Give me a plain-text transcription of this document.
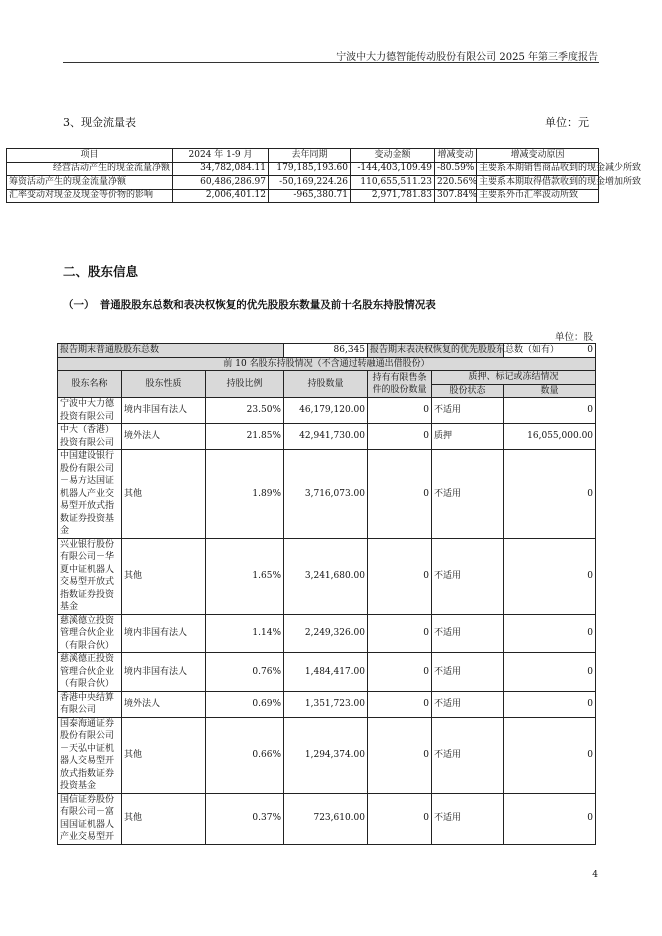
宁波中大力德智能传动股份有限公司 2025 年第三季度报告
3、现金流量表	单位：元
项目	2024 年 1-9 月	去年同期	变动金额	增减变动	增减变动原因
经营活动产生的现金流量净额	34,782,084.11	179,185,193.60	-144,403,109.49	-80.59%	主要系本期销售商品收到的现金减少所致
筹资活动产生的现金流量净额	60,486,286.97	-50,169,224.26	110,655,511.23	220.56%	主要系本期取得借款收到的现金增加所致
汇率变动对现金及现金等价物的影响	2,006,401.12	-965,380.71	2,971,781.83	307.84%	主要系外币汇率波动所致
二、股东信息
（一）　普通股股东总数和表决权恢复的优先股股东数量及前十名股东持股情况表
单位：股
报告期末普通股股东总数			86,345	报告期末表决权恢复的优先股股东总数（如有）		0
前 10 名股东持股情况（不含通过转融通出借股份）						
股东名称	股东性质	持股比例	持股数量	持有有限售条件的股份数量	质押、标记或冻结情况	
					股份状态	数量
宁波中大力德投资有限公司	境内非国有法人	23.50%	46,179,120.00	0	不适用	0
中大（香港）投资有限公司	境外法人	21.85%	42,941,730.00	0	质押	16,055,000.00
中国建设银行股份有限公司－易方达国证机器人产业交易型开放式指数证券投资基金	其他	1.89%	3,716,073.00	0	不适用	0
兴业银行股份有限公司－华夏中证机器人交易型开放式指数证券投资基金	其他	1.65%	3,241,680.00	0	不适用	0
慈溪德立投资管理合伙企业（有限合伙）	境内非国有法人	1.14%	2,249,326.00	0	不适用	0
慈溪德正投资管理合伙企业（有限合伙）	境内非国有法人	0.76%	1,484,417.00	0	不适用	0
香港中央结算有限公司	境外法人	0.69%	1,351,723.00	0	不适用	0
国泰海通证券股份有限公司－天弘中证机器人交易型开放式指数证券投资基金	其他	0.66%	1,294,374.00	0	不适用	0
国信证券股份有限公司－富国国证机器人产业交易型开	其他	0.37%	723,610.00	0	不适用	0
4
